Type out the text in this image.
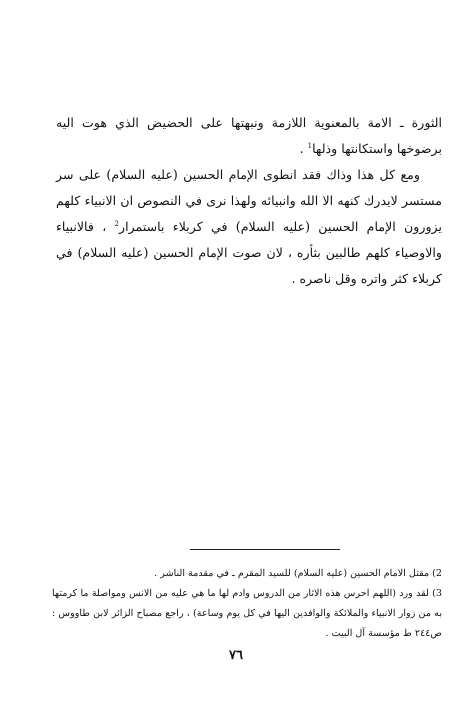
الثورة ـ الامة بالمعنوية اللازمة ونبهتها على الحضيض الذي هوت اليه برضوخها واستكانتها وذلها$^1$ .

ومع كل هذا وذاك فقد انطوى الإمام الحسين (عليه السلام) على سر مستسر لايدرك كنهه الا الله وانبيائه ولهذا نرى في النصوص ان الانبياء كلهم يزورون الإمام الحسين (عليه السلام) في كربلاء باستمرار$^2$ ، فالانبياء والاوصياء كلهم طالبين بثأره ، لان صوت الإمام الحسين (عليه السلام) في كربلاء كثر واتره وقل ناصره .

2) مقتل الامام الحسين (عليه السلام) للسيد المقرم ـ في مقدمة الناشر .

3) لقد ورد (اللهم احرس هذه الاثار من الدروس وادم لها ما هي عليه من الانس ومواصلة ما كرمتها به من زوار الانبياء والملائكة والوافدين اليها في كل يوم وساعة) ، راجع مصباح الزائر لابن طاووس : ص٢٤٤ ط مؤسسة آل البيت .

٧٦
